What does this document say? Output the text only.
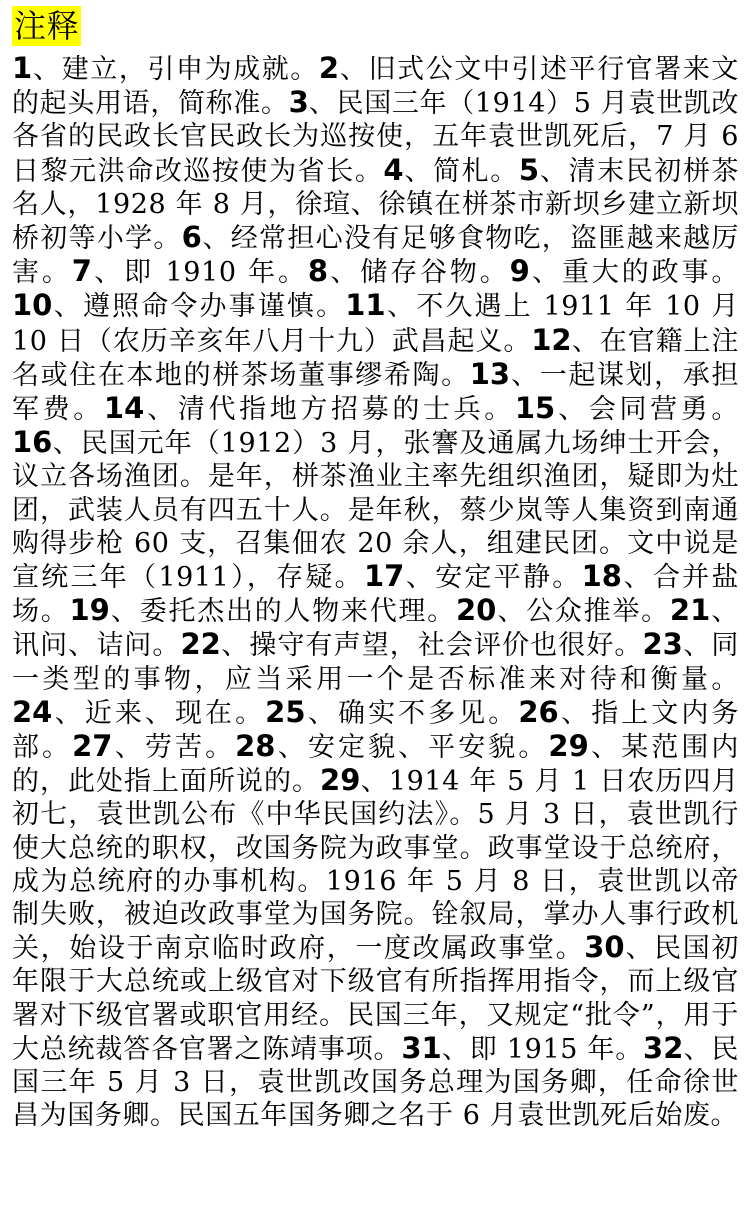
注释
1、建立，引申为成就。2、旧式公文中引述平行官署来文的起头用语，简称准。3、民国三年（1914）5 月袁世凯改各省的民政长官民政长为巡按使，五年袁世凯死后，7 月 6 日黎元洪命改巡按使为省长。4、简札。5、清末民初栟茶名人，1928 年 8 月，徐瑄、徐镇在栟茶市新坝乡建立新坝桥初等小学。6、经常担心没有足够食物吃，盗匪越来越厉害。7、即 1910 年。8、储存谷物。9、重大的政事。10、遵照命令办事谨慎。11、不久遇上 1911 年 10 月 10 日（农历辛亥年八月十九）武昌起义。12、在官籍上注名或住在本地的栟茶场董事缪希陶。13、一起谋划，承担军费。14、清代指地方招募的士兵。15、会同营勇。16、民国元年（1912）3 月，张謇及通属九场绅士开会，议立各场渔团。是年，栟茶渔业主率先组织渔团，疑即为灶团，武装人员有四五十人。是年秋，蔡少岚等人集资到南通购得步枪 60 支，召集佃农 20 余人，组建民团。文中说是宣统三年（1911），存疑。17、安定平静。18、合并盐场。19、委托杰出的人物来代理。20、公众推举。21、讯问、诘问。22、操守有声望，社会评价也很好。23、同一类型的事物，应当采用一个是否标准来对待和衡量。24、近来、现在。25、确实不多见。26、指上文内务部。27、劳苦。28、安定貌、平安貌。29、某范围内的，此处指上面所说的。29、1914 年 5 月 1 日农历四月初七，袁世凯公布《中华民国约法》。5 月 3 日，袁世凯行使大总统的职权，改国务院为政事堂。政事堂设于总统府，成为总统府的办事机构。1916 年 5 月 8 日，袁世凯以帝制失败，被迫改政事堂为国务院。铨叙局，掌办人事行政机关，始设于南京临时政府，一度改属政事堂。30、民国初年限于大总统或上级官对下级官有所指挥用指令，而上级官署对下级官署或职官用经。民国三年，又规定“批令”，用于大总统裁答各官署之陈靖事项。31、即 1915 年。32、民国三年 5 月 3 日，袁世凯改国务总理为国务卿，任命徐世昌为国务卿。民国五年国务卿之名于 6 月袁世凯死后始废。
